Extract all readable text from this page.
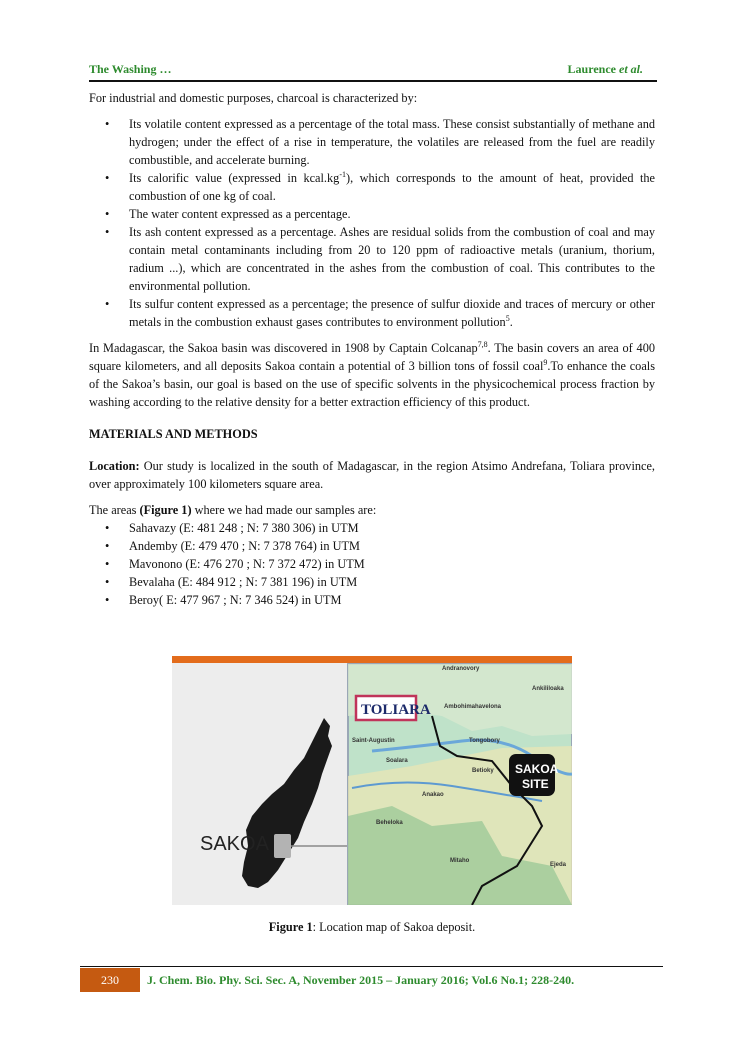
The Washing …	Laurence et al.

For industrial and domestic purposes, charcoal is characterized by:

• Its volatile content expressed as a percentage of the total mass. These consist substantially of methane and hydrogen; under the effect of a rise in temperature, the volatiles are released from the fuel are readily combustible, and accelerate burning.
• Its calorific value (expressed in $kcal.kg^{-1}$), which corresponds to the amount of heat, provided the combustion of one kg of coal.
• The water content expressed as a percentage.
• Its ash content expressed as a percentage. Ashes are residual solids from the combustion of coal and may contain metal contaminants including from 20 to 120 ppm of radioactive metals (uranium, thorium, radium ...), which are concentrated in the ashes from the combustion of coal. This contributes to the environmental pollution.
• Its sulfur content expressed as a percentage; the presence of sulfur dioxide and traces of mercury or other metals in the combustion exhaust gases contributes to environment pollution$^5$.

In Madagascar, the Sakoa basin was discovered in 1908 by Captain Colcanap$^{7,8}$. The basin covers an area of 400 square kilometers, and all deposits Sakoa contain a potential of 3 billion tons of fossil coal$^9$.To enhance the coals of the Sakoa’s basin, our goal is based on the use of specific solvents in the physicochemical process fraction by washing according to the relative density for a better extraction efficiency of this product.

MATERIALS AND METHODS

Location: Our study is localized in the south of Madagascar, in the region Atsimo Andrefana, Toliara province, over approximately 100 kilometers square area.

The areas (Figure 1) where we had made our samples are:

• Sahavazy (E: 481 248 ; N: 7 380 306) in UTM
• Andemby (E: 479 470 ; N: 7 378 764) in UTM
• Mavonono (E: 476 270 ; N: 7 372 472) in UTM
• Bevalaha (E: 484 912 ; N: 7 381 196) in UTM
• Beroy( E: 477 967 ; N: 7 346 524) in UTM
SAKOA
TOLIARA
SAKOA
SITE
Andranovory
Ankililoaka
Ambohimahavelona
Tongobory
Soalara
Betioky
Beheloka
Mitaho
Ejeda
Anakao
Saint-Augustin
Figure 1: Location map of Sakoa deposit.
230	J. Chem. Bio. Phy. Sci. Sec. A, November 2015 – January 2016; Vol.6 No.1; 228-240.
